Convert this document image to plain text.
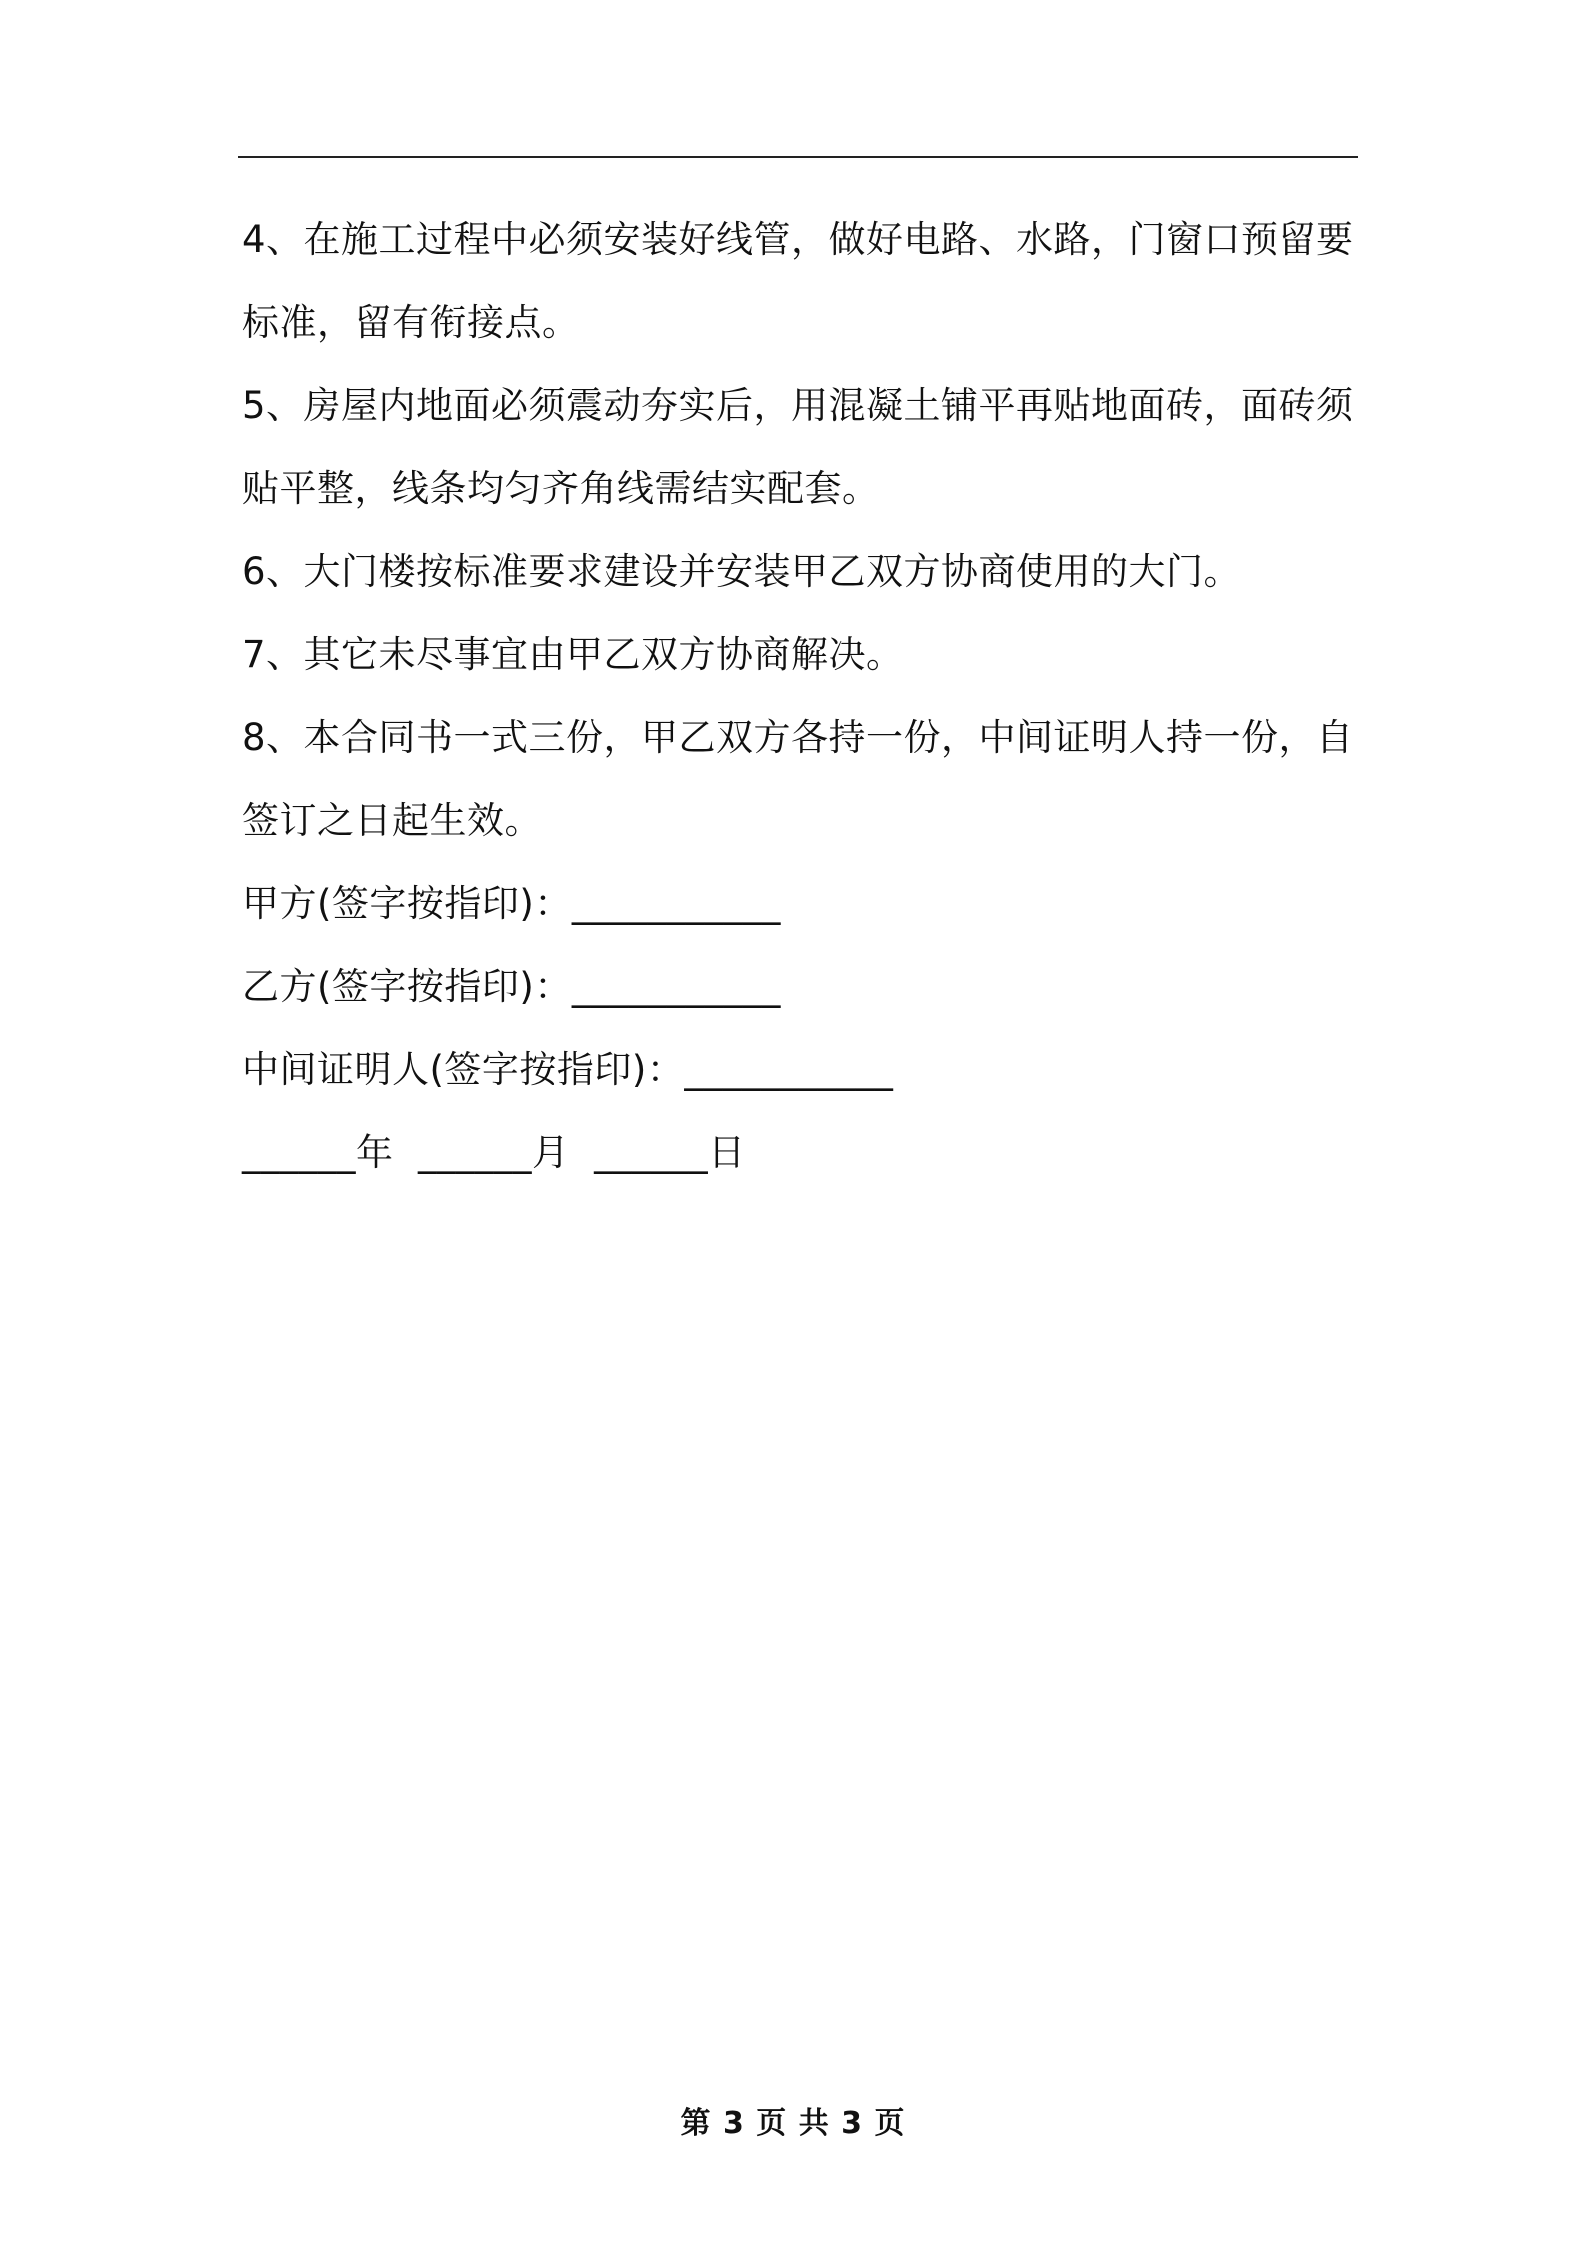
4、在施工过程中必须安装好线管，做好电路、水路，门窗口预留要标准，留有衔接点。

5、房屋内地面必须震动夯实后，用混凝土铺平再贴地面砖，面砖须贴平整，线条均匀齐角线需结实配套。

6、大门楼按标准要求建设并安装甲乙双方协商使用的大门。

7、其它未尽事宜由甲乙双方协商解决。

8、本合同书一式三份，甲乙双方各持一份，中间证明人持一份，自签订之日起生效。

甲方(签字按指印)：___________

乙方(签字按指印)：___________

中间证明人(签字按指印)：___________

______年 ______月 ______日

第 3 页 共 3 页
